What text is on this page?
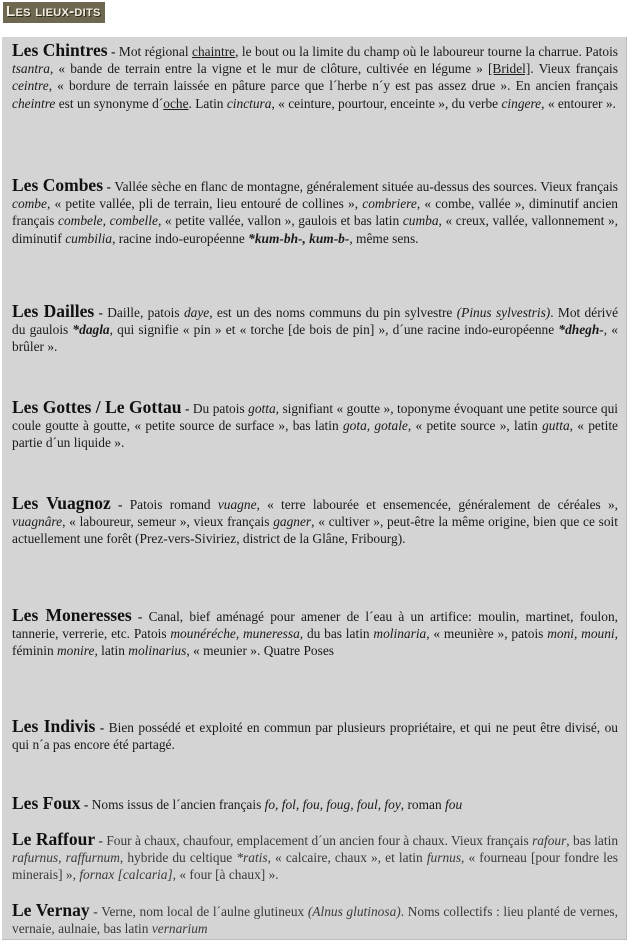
Les lieux-dits

Les Chintres - Mot régional chaintre, le bout ou la limite du champ où le laboureur tourne la charrue. Patois tsantra, « bande de terrain entre la vigne et le mur de clôture, cultivée en légume » [Bridel]. Vieux français ceintre, « bordure de terrain laissée en pâture parce que l´herbe n´y est pas assez drue ». En ancien français cheintre est un synonyme d´oche. Latin cinctura, « ceinture, pourtour, enceinte », du verbe cingere, « entourer ».

Les Combes - Vallée sèche en flanc de montagne, généralement située au-dessus des sources. Vieux français combe, « petite vallée, pli de terrain, lieu entouré de collines », combriere, « combe, vallée », diminutif ancien français combele, combelle, « petite vallée, vallon », gaulois et bas latin cumba, « creux, vallée, vallonnement », diminutif cumbilia, racine indo-européenne *kum-bh-, kum-b-, même sens.

Les Dailles - Daille, patois daye, est un des noms communs du pin sylvestre (Pinus sylvestris). Mot dérivé du gaulois *dagla, qui signifie « pin » et « torche [de bois de pin] », d´une racine indo-européenne *dhegh-, « brûler ».

Les Gottes / Le Gottau - Du patois gotta, signifiant « goutte », toponyme évoquant une petite source qui coule goutte à goutte, « petite source de surface », bas latin gota, gotale, « petite source », latin gutta, « petite partie d´un liquide ».

Les Vuagnoz - Patois romand vuagne, « terre labourée et ensemencée, généralement de céréales », vuagnâre, « laboureur, semeur », vieux français gagner, « cultiver », peut-être la même origine, bien que ce soit actuellement une forêt (Prez-vers-Siviriez, district de la Glâne, Fribourg).

Les Moneresses - Canal, bief aménagé pour amener de l´eau à un artifice: moulin, martinet, foulon, tannerie, verrerie, etc. Patois mounéréche, muneressa, du bas latin molinaria, « meunière », patois moni, mouni, féminin monire, latin molinarius, « meunier ». Quatre Poses

Les Indivis - Bien possédé et exploité en commun par plusieurs propriétaire, et qui ne peut être divisé, ou qui n´a pas encore été partagé.

Les Foux - Noms issus de l´ancien français fo, fol, fou, foug, foul, foy, roman fou

Le Raffour - Four à chaux, chaufour, emplacement d´un ancien four à chaux. Vieux français rafour, bas latin rafurnus, raffurnum, hybride du celtique *ratis, « calcaire, chaux », et latin furnus, « fourneau [pour fondre les minerais] », fornax [calcaria], « four [à chaux] ».

Le Vernay - Verne, nom local de l´aulne glutineux (Alnus glutinosa). Noms collectifs : lieu planté de vernes, vernaie, aulnaie, bas latin vernarium
